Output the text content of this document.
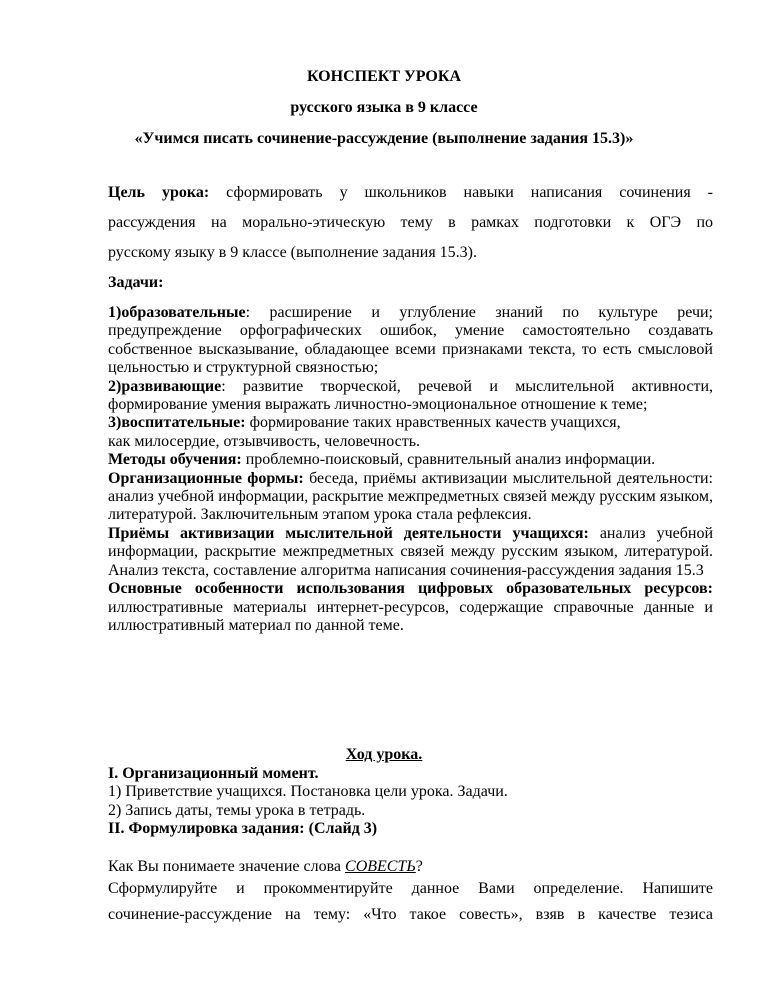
КОНСПЕКТ УРОКА
русского языка в 9 классе
«Учимся писать сочинение-рассуждение (выполнение задания 15.3)»
Цель урока: сформировать у школьников навыки написания сочинения -
рассуждения на морально-этическую тему в рамках подготовки к ОГЭ по
русскому языку в 9 классе (выполнение задания 15.3).
Задачи:
1)образовательные: расширение и углубление знаний по культуре речи; предупреждение орфографических ошибок, умение самостоятельно создавать собственное высказывание, обладающее всеми признаками текста, то есть смысловой цельностью и структурной связностью;
2)развивающие: развитие творческой, речевой и мыслительной активности, формирование умения выражать личностно-эмоциональное отношение к теме;
3)воспитательные: формирование таких нравственных качеств учащихся,
как милосердие, отзывчивость, человечность.
Методы обучения: проблемно-поисковый, сравнительный анализ информации.
Организационные формы: беседа, приёмы активизации мыслительной деятельности: анализ учебной информации, раскрытие межпредметных связей между русским языком, литературой. Заключительным этапом урока стала рефлексия.
Приёмы активизации мыслительной деятельности учащихся: анализ учебной информации, раскрытие межпредметных связей между русским языком, литературой. Анализ текста, составление алгоритма написания сочинения-рассуждения задания 15.3
Основные особенности использования цифровых образовательных ресурсов: иллюстративные материалы интернет-ресурсов, содержащие справочные данные и иллюстративный материал по данной теме.
Ход урока.
I. Организационный момент.
1) Приветствие учащихся. Постановка цели урока. Задачи.
2) Запись даты, темы урока в тетрадь.
II. Формулировка задания: (Слайд 3)
Как Вы понимаете значение слова СОВЕСТЬ?
Сформулируйте и прокомментируйте данное Вами определение. Напишите
сочинение-рассуждение на тему: «Что такое совесть», взяв в качестве тезиса
